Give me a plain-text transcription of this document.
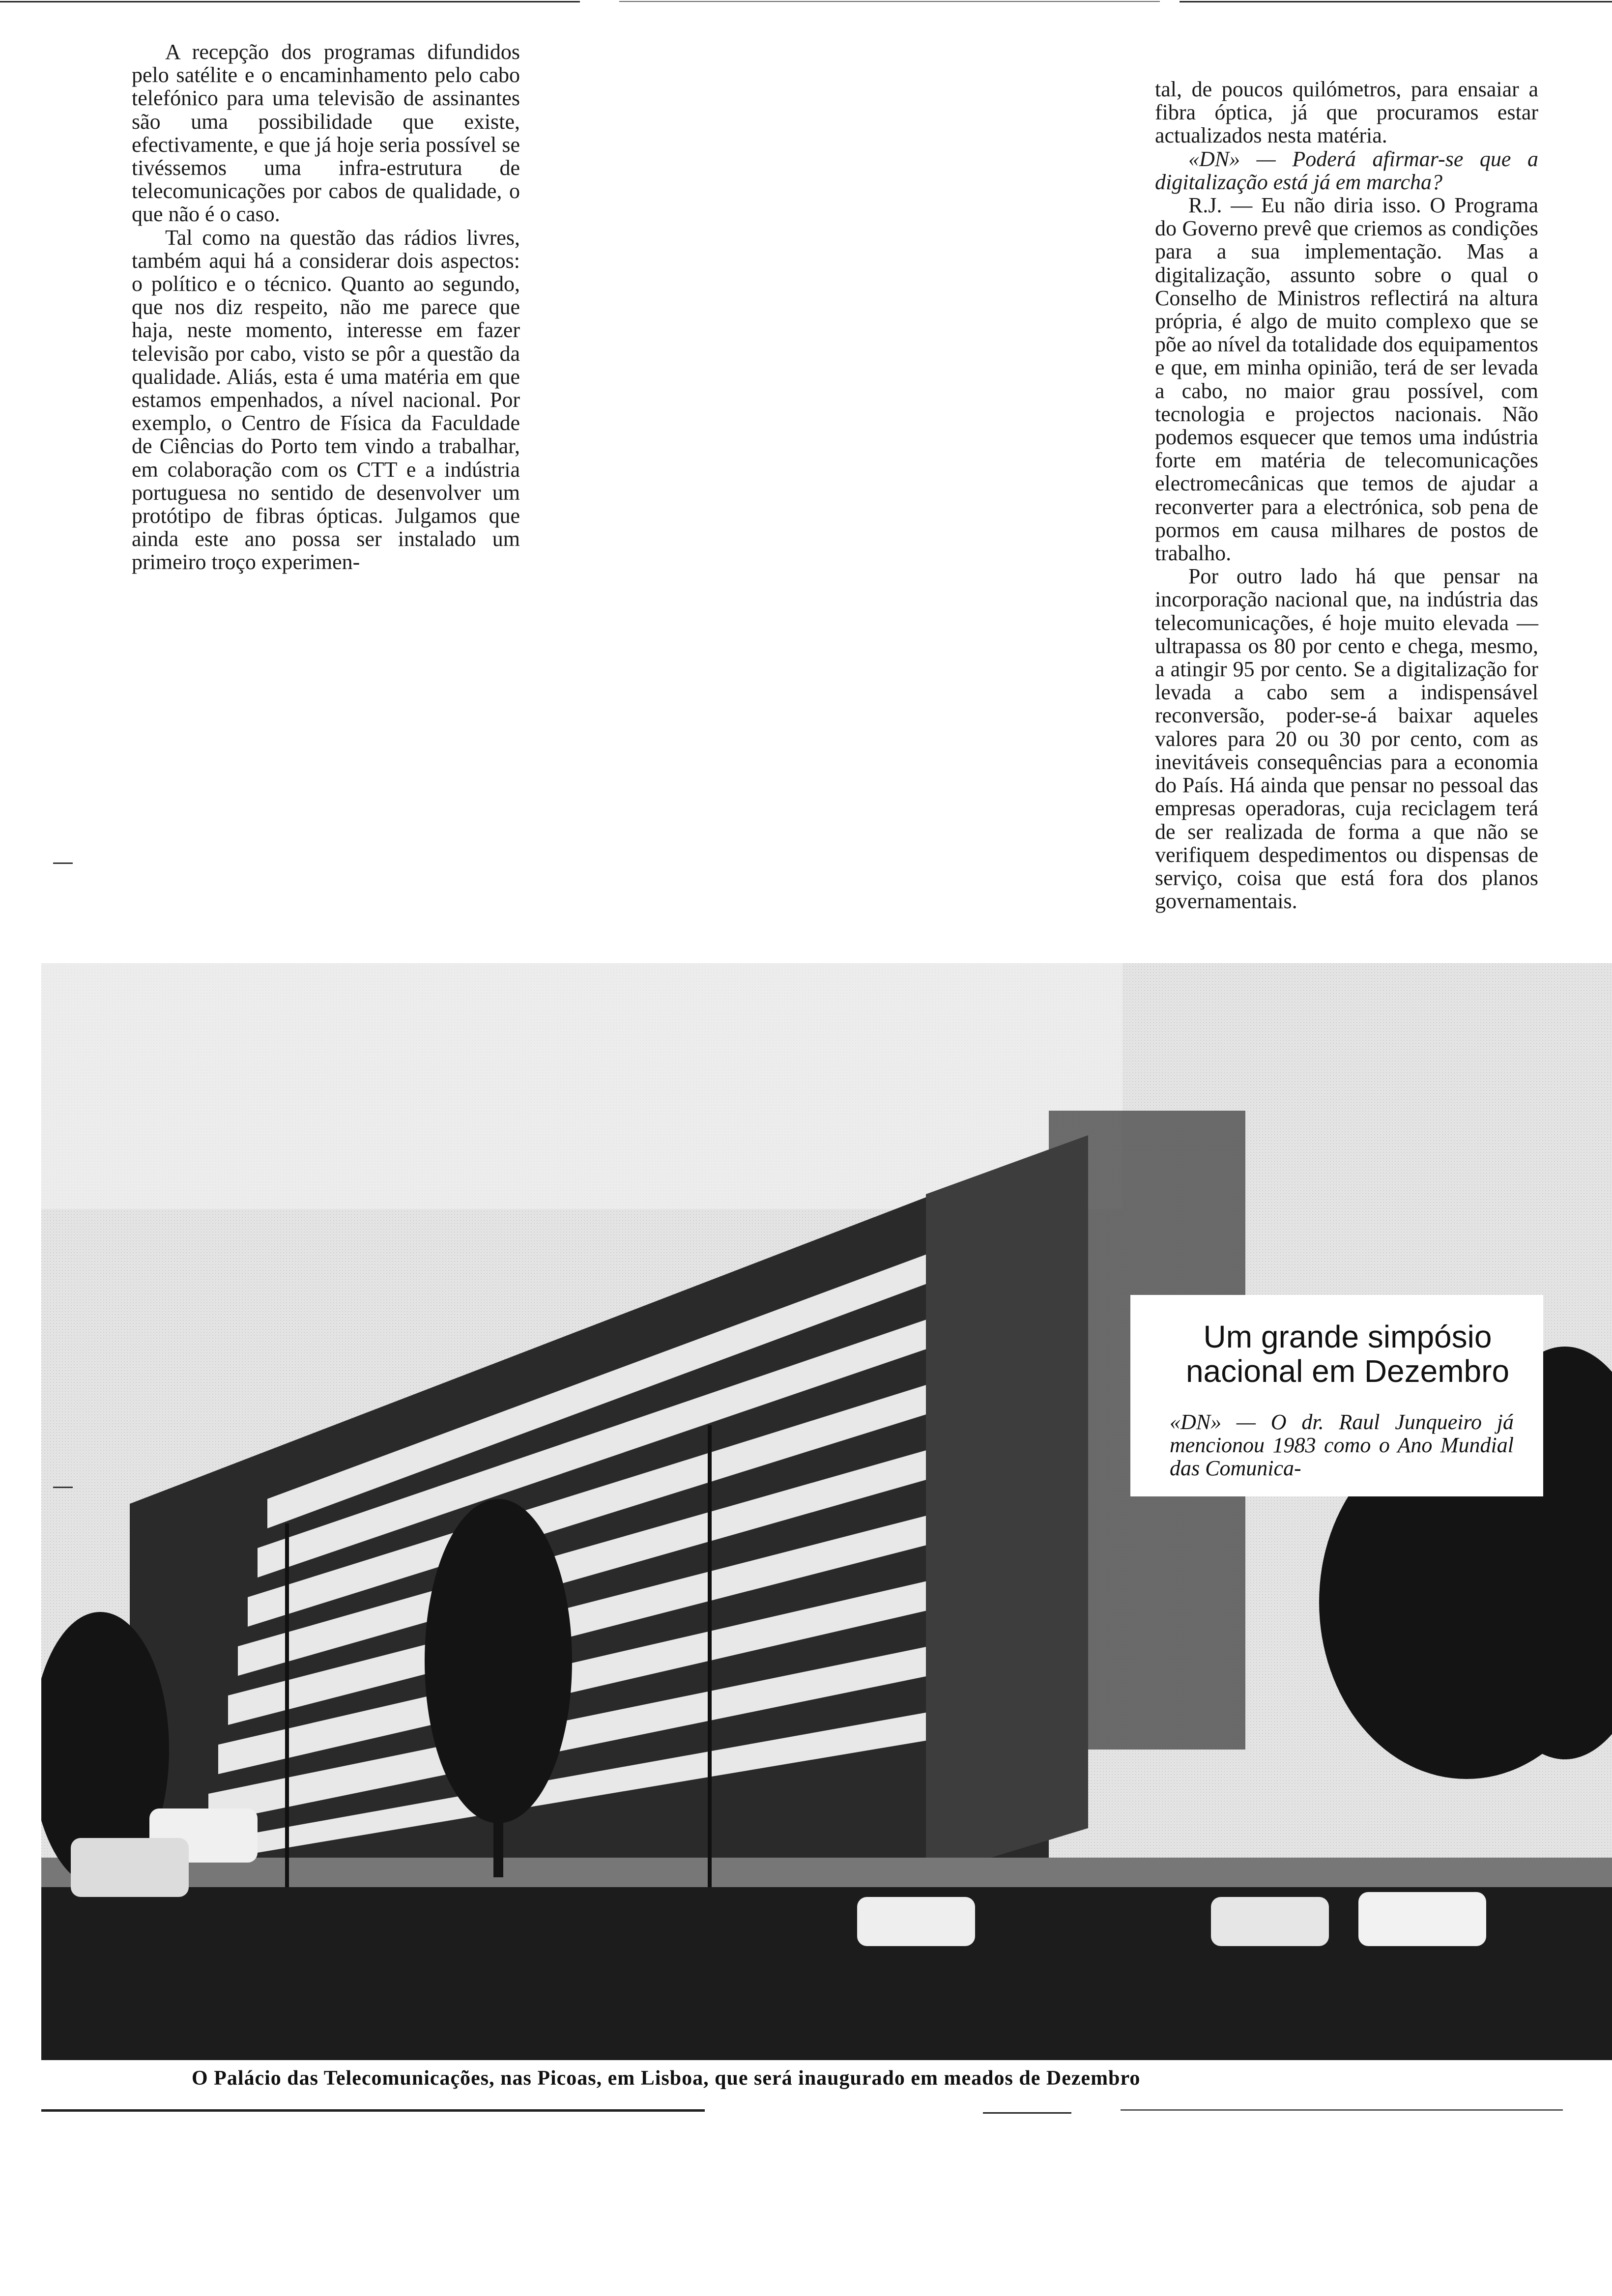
A recepção dos programas difundidos pelo satélite e o encaminhamento pelo cabo telefónico para uma televisão de assinantes são uma possibilidade que existe, efectivamente, e que já hoje seria possível se tivéssemos uma infra-estrutura de telecomunicações por cabos de qualidade, o que não é o caso.

Tal como na questão das rádios livres, também aqui há a considerar dois aspectos: o político e o técnico. Quanto ao segundo, que nos diz respeito, não me parece que haja, neste momento, interesse em fazer televisão por cabo, visto se pôr a questão da qualidade. Aliás, esta é uma matéria em que estamos empenhados, a nível nacional. Por exemplo, o Centro de Física da Faculdade de Ciências do Porto tem vindo a trabalhar, em colaboração com os CTT e a indústria portuguesa no sentido de desenvolver um protótipo de fibras ópticas. Julgamos que ainda este ano possa ser instalado um primeiro troço experimen-

tal, de poucos quilómetros, para ensaiar a fibra óptica, já que procuramos estar actualizados nesta matéria.

«DN» — Poderá afirmar-se que a digitalização está já em marcha?

R.J. — Eu não diria isso. O Programa do Governo prevê que criemos as condições para a sua implementação. Mas a digitalização, assunto sobre o qual o Conselho de Ministros reflectirá na altura própria, é algo de muito complexo que se põe ao nível da totalidade dos equipamentos e que, em minha opinião, terá de ser levada a cabo, no maior grau possível, com tecnologia e projectos nacionais. Não podemos esquecer que temos uma indústria forte em matéria de telecomunicações electromecânicas que temos de ajudar a reconverter para a electrónica, sob pena de pormos em causa milhares de postos de trabalho.

Por outro lado há que pensar na incorporação nacional que, na indústria das telecomunicações, é hoje muito elevada — ultrapassa os 80 por cento e chega, mesmo, a atingir 95 por cento. Se a digitalização for levada a cabo sem a indispensável reconversão, poder-se-á baixar aqueles valores para 20 ou 30 por cento, com as inevitáveis consequências para a economia do País. Há ainda que pensar no pessoal das empresas operadoras, cuja reciclagem terá de ser realizada de forma a que não se verifiquem despedimentos ou dispensas de serviço, coisa que está fora dos planos governamentais.

Um grande simpósio nacional em Dezembro
«DN» — O dr. Raul Junqueiro já mencionou 1983 como o Ano Mundial das Comunica-
O Palácio das Telecomunicações, nas Picoas, em Lisboa, que será inaugurado em meados de Dezembro
